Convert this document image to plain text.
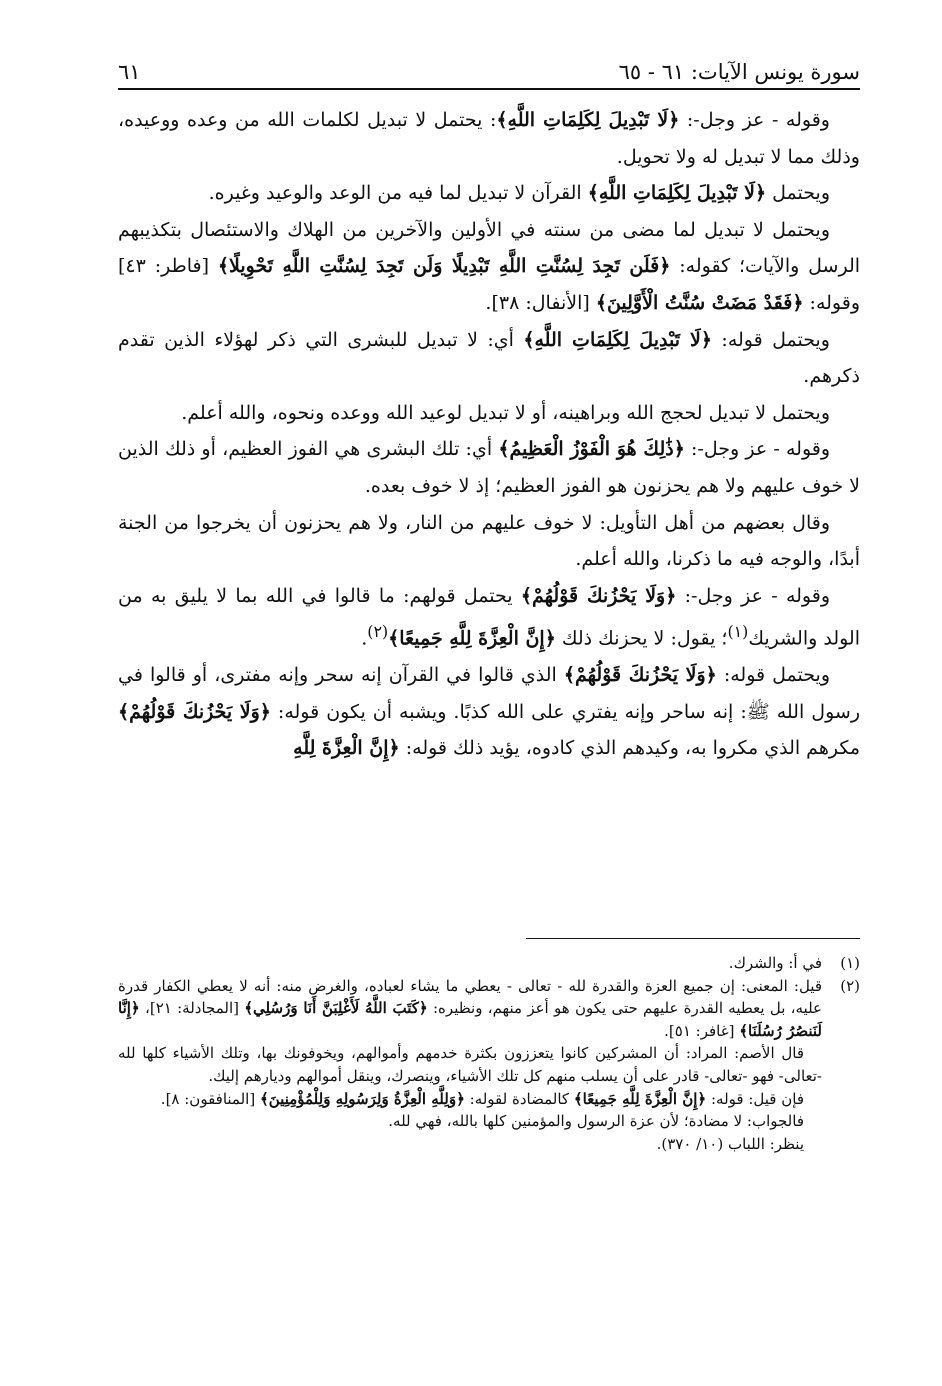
سورة يونس الآيات: ٦١ - ٦٥
٦١

وقوله - عز وجل-: ﴿لَا تَبْدِيلَ لِكَلِمَاتِ اللَّهِ﴾: يحتمل لا تبديل لكلمات الله من وعده ووعيده، وذلك مما لا تبديل له ولا تحويل.

ويحتمل ﴿لَا تَبْدِيلَ لِكَلِمَاتِ اللَّهِ﴾ القرآن لا تبديل لما فيه من الوعد والوعيد وغيره.

ويحتمل لا تبديل لما مضى من سنته في الأولين والآخرين من الهلاك والاستئصال بتكذيبهم الرسل والآيات؛ كقوله: ﴿فَلَن تَجِدَ لِسُنَّتِ اللَّهِ تَبْدِيلًا وَلَن تَجِدَ لِسُنَّتِ اللَّهِ تَحْوِيلًا﴾ [فاطر: ٤٣] وقوله: ﴿فَقَدْ مَضَتْ سُنَّتُ الْأَوَّلِينَ﴾ [الأنفال: ٣٨].

ويحتمل قوله: ﴿لَا تَبْدِيلَ لِكَلِمَاتِ اللَّهِ﴾ أي: لا تبديل للبشرى التي ذكر لهؤلاء الذين تقدم ذكرهم.

ويحتمل لا تبديل لحجج الله وبراهينه، أو لا تبديل لوعيد الله ووعده ونحوه، والله أعلم.

وقوله - عز وجل-: ﴿ذَٰلِكَ هُوَ الْفَوْزُ الْعَظِيمُ﴾ أي: تلك البشرى هي الفوز العظيم، أو ذلك الذين لا خوف عليهم ولا هم يحزنون هو الفوز العظيم؛ إذ لا خوف بعده.

وقال بعضهم من أهل التأويل: لا خوف عليهم من النار، ولا هم يحزنون أن يخرجوا من الجنة أبدًا، والوجه فيه ما ذكرنا، والله أعلم.

وقوله - عز وجل-: ﴿وَلَا يَحْزُنكَ قَوْلُهُمْ﴾ يحتمل قولهم: ما قالوا في الله بما لا يليق به من الولد والشريك$^{(١)}$؛ يقول: لا يحزنك ذلك ﴿إِنَّ الْعِزَّةَ لِلَّهِ جَمِيعًا﴾$^{(٢)}$.

ويحتمل قوله: ﴿وَلَا يَحْزُنكَ قَوْلُهُمْ﴾ الذي قالوا في القرآن إنه سحر وإنه مفترى، أو قالوا في رسول الله ﷺ: إنه ساحر وإنه يفتري على الله كذبًا. ويشبه أن يكون قوله: ﴿وَلَا يَحْزُنكَ قَوْلُهُمْ﴾ مكرهم الذي مكروا به، وكيدهم الذي كادوه، يؤيد ذلك قوله: ﴿إِنَّ الْعِزَّةَ لِلَّهِ

(١)

في أ: والشرك.

(٢)

قيل: المعنى: إن جميع العزة والقدرة لله - تعالى - يعطي ما يشاء لعباده، والغرض منه: أنه لا يعطي الكفار قدرة عليه، بل يعطيه القدرة عليهم حتى يكون هو أعز منهم، ونظيره: ﴿كَتَبَ اللَّهُ لَأَغْلِبَنَّ أَنَا وَرُسُلِي﴾ [المجادلة: ٢١]، ﴿إِنَّا لَنَنصُرُ رُسُلَنَا﴾ [غافر: ٥١].

قال الأصم: المراد: أن المشركين كانوا يتعززون بكثرة خدمهم وأموالهم، ويخوفونك بها، وتلك الأشياء كلها لله -تعالى- فهو -تعالى- قادر على أن يسلب منهم كل تلك الأشياء، وينصرك، وينقل أموالهم وديارهم إليك.

فإن قيل: قوله: ﴿إِنَّ الْعِزَّةَ لِلَّهِ جَمِيعًا﴾ كالمضادة لقوله: ﴿وَلِلَّهِ الْعِزَّةُ وَلِرَسُولِهِ وَلِلْمُؤْمِنِينَ﴾ [المنافقون: ٨].

فالجواب: لا مضادة؛ لأن عزة الرسول والمؤمنين كلها بالله، فهي لله.

ينظر: اللباب (١٠/ ٣٧٠).
